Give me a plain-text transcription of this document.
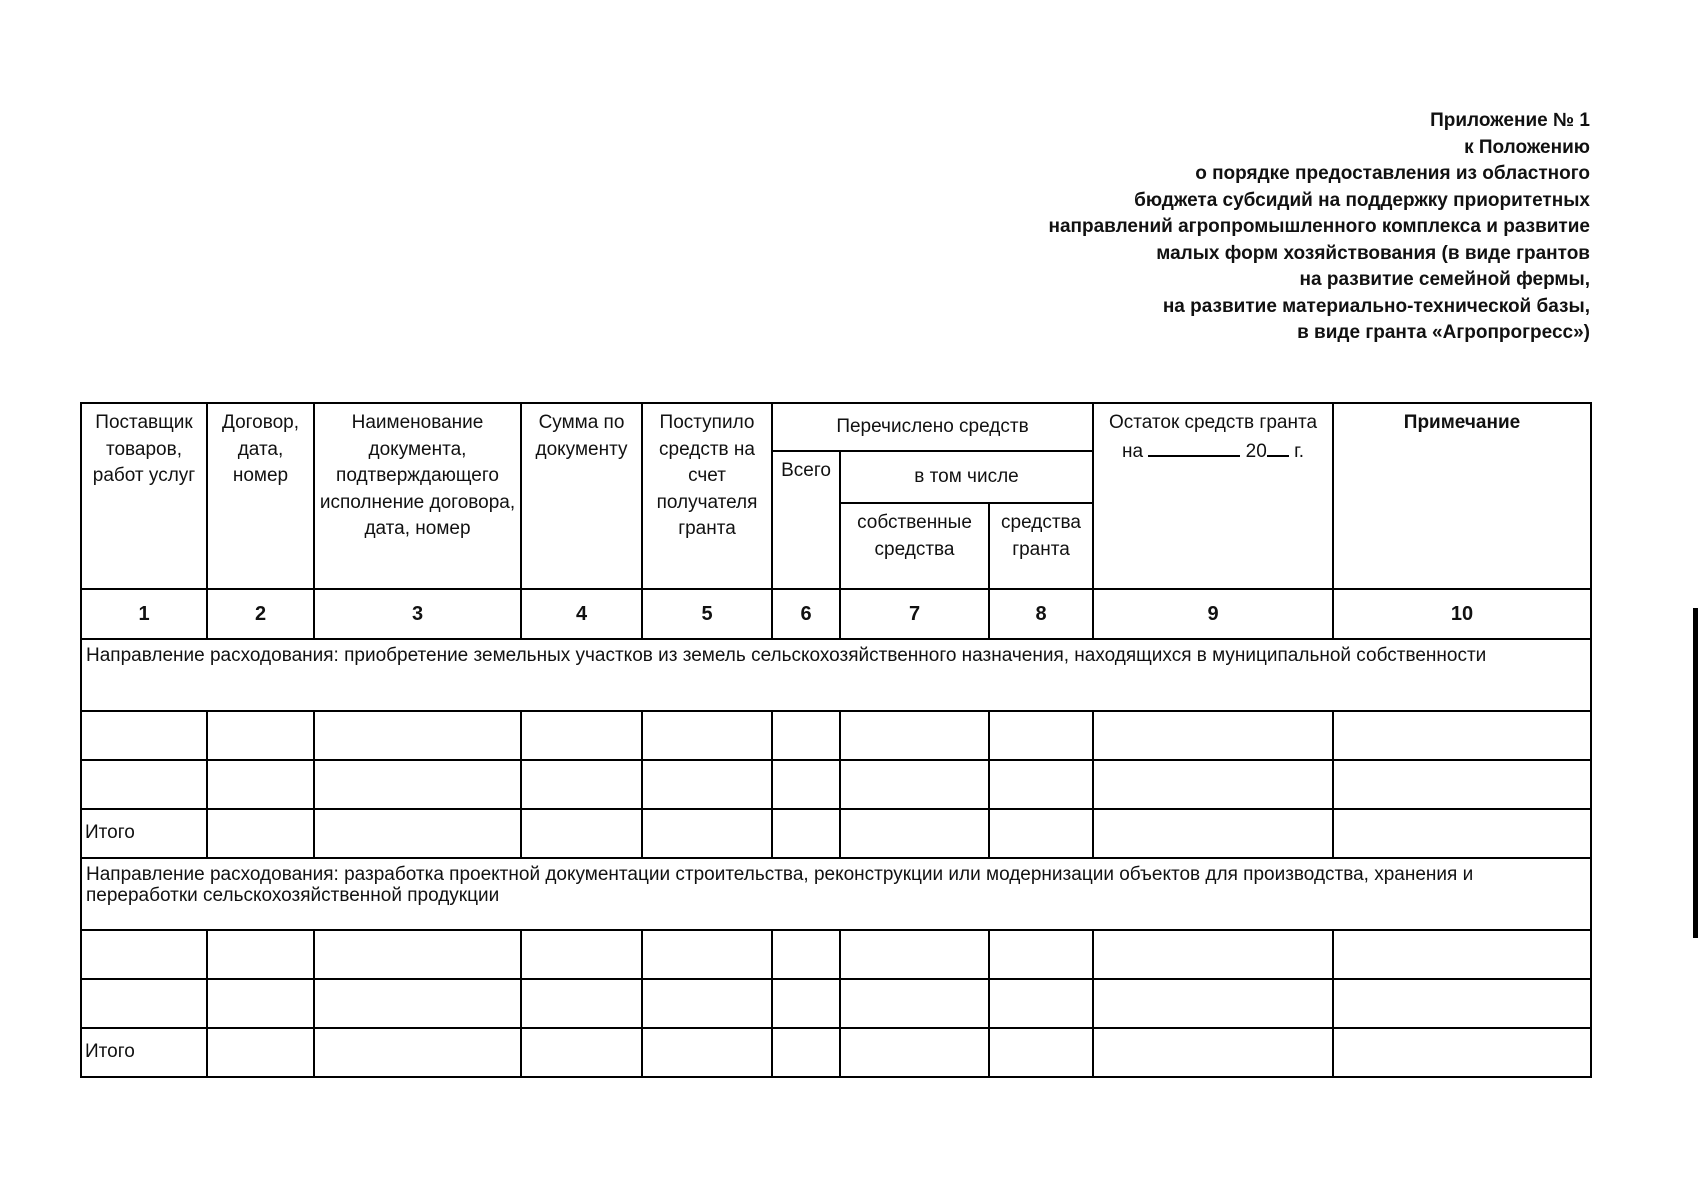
Приложение № 1
к Положению
о порядке предоставления из областного
бюджета субсидий на поддержку приоритетных
направлений агропромышленного комплекса и развитие
малых форм хозяйствования (в виде грантов
на развитие семейной фермы,
на развитие материально-технической базы,
в виде гранта «Агропрогресс»)
Поставщик товаров, работ услуг	Договор, дата, номер	Наименование документа, подтверждающего исполнение договора, дата, номер	Сумма по документу	Поступило средств на счет получателя гранта	Перечислено средств			Остаток средств гранта на 20 г.	Примечание
					Всего	в том числе			
						собственные средства	средства гранта		
1	2	3	4	5	6	7	8	9	10
Направление расходования: приобретение земельных участков из земель сельскохозяйственного назначения, находящихся в муниципальной собственности									

Итого									
Направление расходования: разработка проектной документации строительства, реконструкции или модернизации объектов для производства, хранения и переработки сельскохозяйственной продукции									

Итого									
